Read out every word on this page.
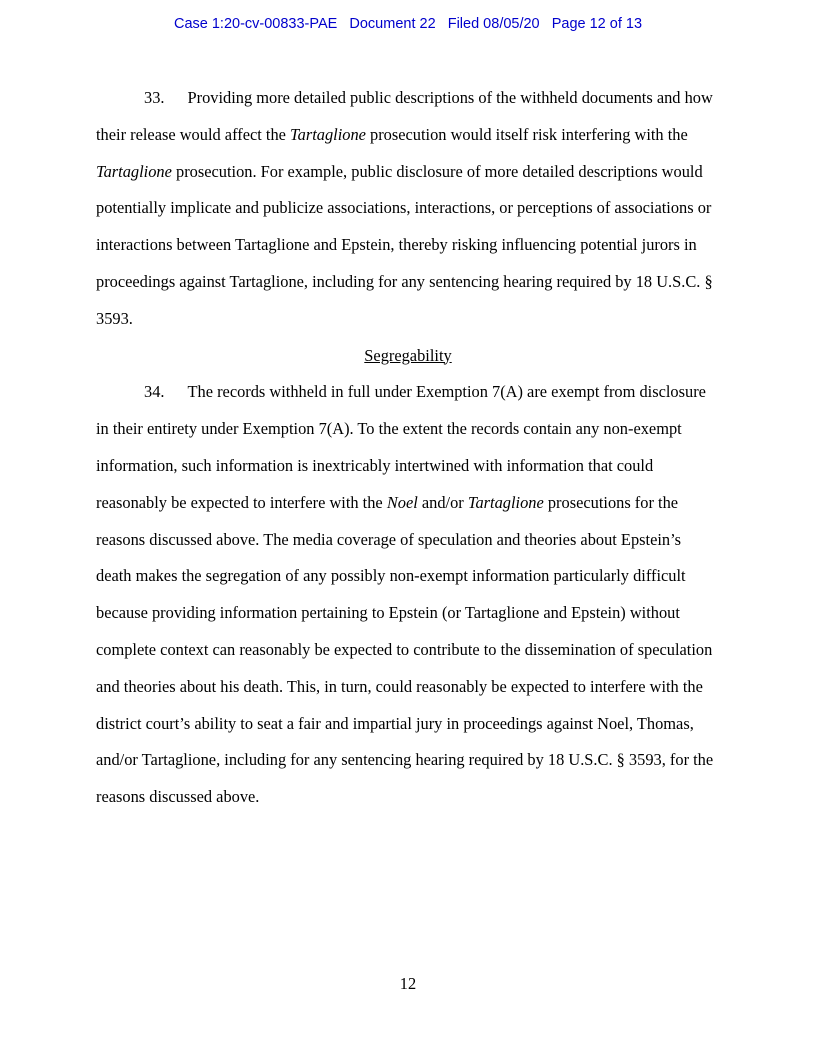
Case 1:20-cv-00833-PAE   Document 22   Filed 08/05/20   Page 12 of 13

33. Providing more detailed public descriptions of the withheld documents and how their release would affect the Tartaglione prosecution would itself risk interfering with the Tartaglione prosecution. For example, public disclosure of more detailed descriptions would potentially implicate and publicize associations, interactions, or perceptions of associations or interactions between Tartaglione and Epstein, thereby risking influencing potential jurors in proceedings against Tartaglione, including for any sentencing hearing required by 18 U.S.C. § 3593.

Segregability

34. The records withheld in full under Exemption 7(A) are exempt from disclosure in their entirety under Exemption 7(A). To the extent the records contain any non-exempt information, such information is inextricably intertwined with information that could reasonably be expected to interfere with the Noel and/or Tartaglione prosecutions for the reasons discussed above. The media coverage of speculation and theories about Epstein’s death makes the segregation of any possibly non-exempt information particularly difficult because providing information pertaining to Epstein (or Tartaglione and Epstein) without complete context can reasonably be expected to contribute to the dissemination of speculation and theories about his death. This, in turn, could reasonably be expected to interfere with the district court’s ability to seat a fair and impartial jury in proceedings against Noel, Thomas, and/or Tartaglione, including for any sentencing hearing required by 18 U.S.C. § 3593, for the reasons discussed above.

12
